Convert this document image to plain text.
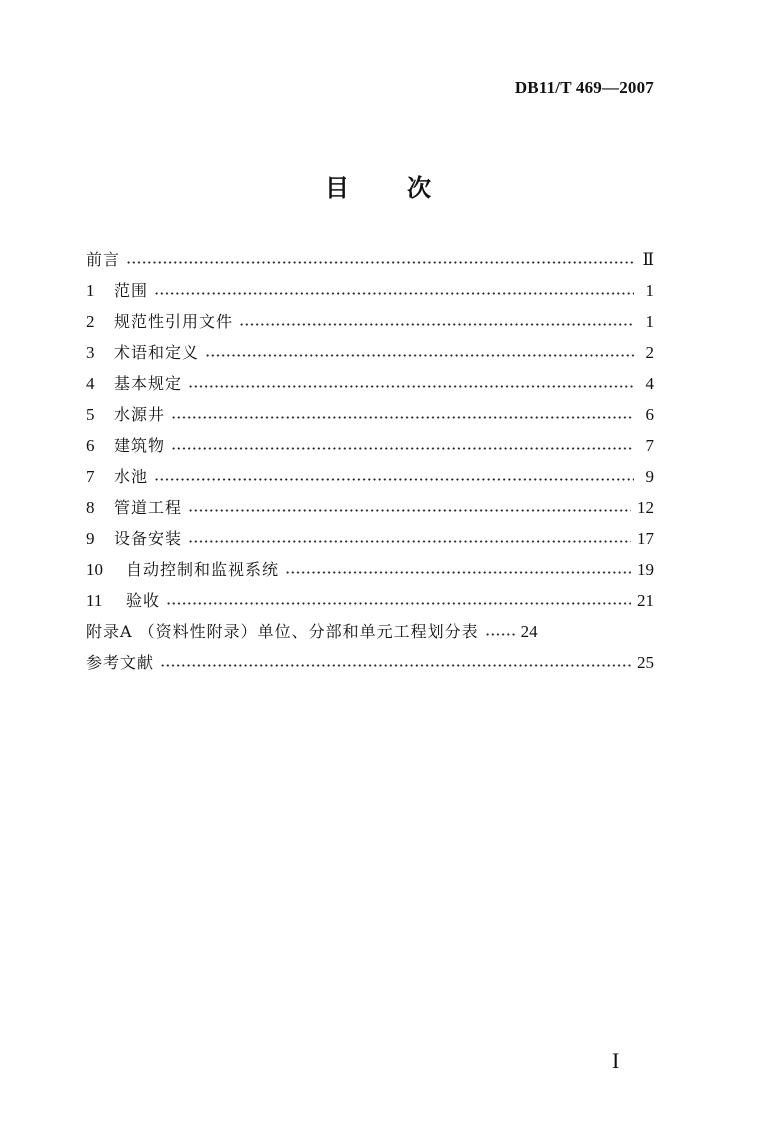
DB11/T 469—2007
目 次
前言	Ⅱ
1	范围	1
2	规范性引用文件	1
3	术语和定义	2
4	基本规定	4
5	水源井	6
6	建筑物	7
7	水池	9
8	管道工程	12
9	设备安装	17
10	自动控制和监视系统	19
11	验收	21
附录A （资料性附录）单位、分部和单元工程划分表 24
参考文献	25
I
